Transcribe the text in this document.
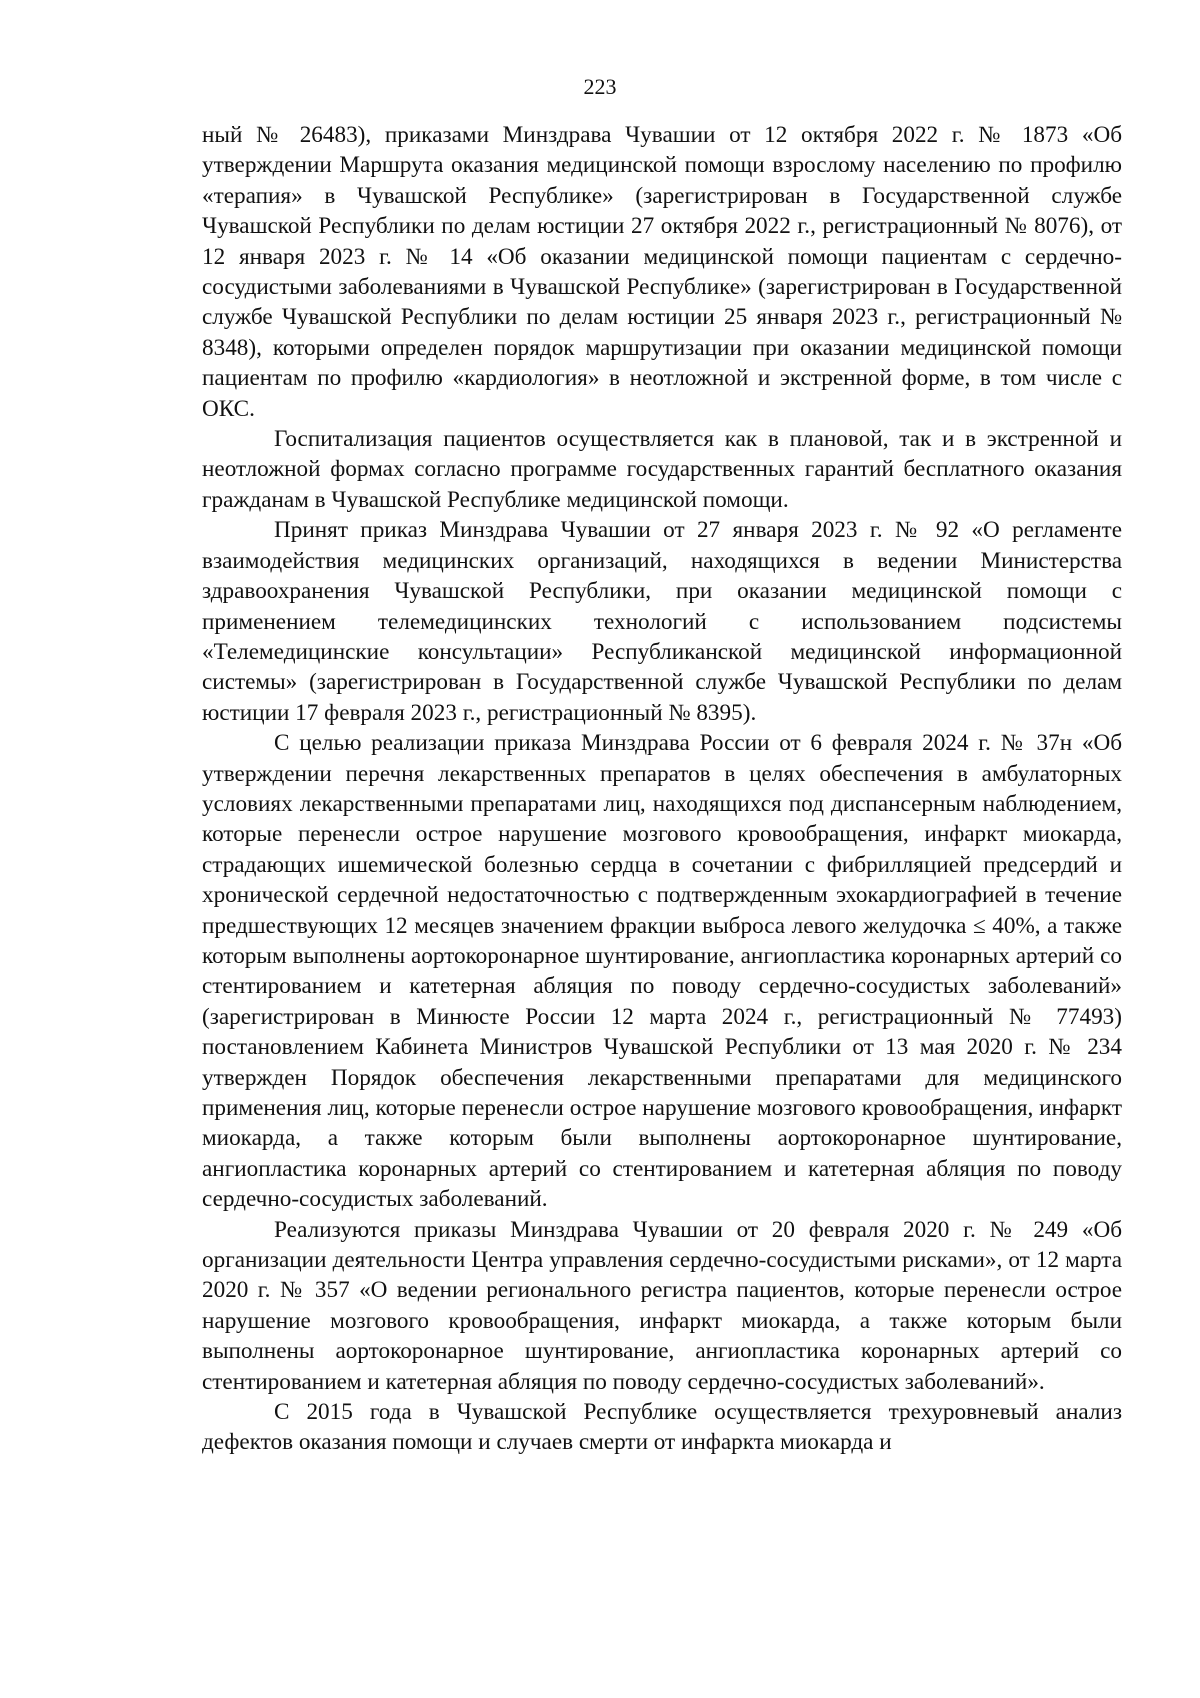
223

ный № 26483), приказами Минздрава Чувашии от 12 октября 2022 г. № 1873 «Об утверждении Маршрута оказания медицинской помощи взрослому населению по профилю «терапия» в Чувашской Республике» (зарегистрирован в Государственной службе Чувашской Республики по делам юстиции 27 октября 2022 г., регистрационный № 8076), от 12 января 2023 г. № 14 «Об оказании медицинской помощи пациентам с сердечно-сосудистыми заболеваниями в Чувашской Республике» (зарегистрирован в Государственной службе Чувашской Республики по делам юстиции 25 января 2023 г., регистрационный № 8348), которыми определен порядок маршрутизации при оказании медицинской помощи пациентам по профилю «кардиология» в неотложной и экстренной форме, в том числе с ОКС.

Госпитализация пациентов осуществляется как в плановой, так и в экстренной и неотложной формах согласно программе государственных гарантий бесплатного оказания гражданам в Чувашской Республике медицинской помощи.

Принят приказ Минздрава Чувашии от 27 января 2023 г. № 92 «О регламенте взаимодействия медицинских организаций, находящихся в ведении Министерства здравоохранения Чувашской Республики, при оказании медицинской помощи с применением телемедицинских технологий с использованием подсистемы «Телемедицинские консультации» Республиканской медицинской информационной системы» (зарегистрирован в Государственной службе Чувашской Республики по делам юстиции 17 февраля 2023 г., регистрационный № 8395).

С целью реализации приказа Минздрава России от 6 февраля 2024 г. № 37н «Об утверждении перечня лекарственных препаратов в целях обеспечения в амбулаторных условиях лекарственными препаратами лиц, находящихся под диспансерным наблюдением, которые перенесли острое нарушение мозгового кровообращения, инфаркт миокарда, страдающих ишемической болезнью сердца в сочетании с фибрилляцией предсердий и хронической сердечной недостаточностью с подтвержденным эхокардиографией в течение предшествующих 12 месяцев значением фракции выброса левого желудочка ≤ 40%, а также которым выполнены аортокоронарное шунтирование, ангиопластика коронарных артерий со стентированием и катетерная абляция по поводу сердечно-сосудистых заболеваний» (зарегистрирован в Минюсте России 12 марта 2024 г., регистрационный № 77493) постановлением Кабинета Министров Чувашской Республики от 13 мая 2020 г. № 234 утвержден Порядок обеспечения лекарственными препаратами для медицинского применения лиц, которые перенесли острое нарушение мозгового кровообращения, инфаркт миокарда, а также которым были выполнены аортокоронарное шунтирование, ангиопластика коронарных артерий со стентированием и катетерная абляция по поводу сердечно-сосудистых заболеваний.

Реализуются приказы Минздрава Чувашии от 20 февраля 2020 г. № 249 «Об организации деятельности Центра управления сердечно-сосудистыми рисками», от 12 марта 2020 г. № 357 «О ведении регионального регистра пациентов, которые перенесли острое нарушение мозгового кровообращения, инфаркт миокарда, а также которым были выполнены аортокоронарное шунтирование, ангиопластика коронарных артерий со стентированием и катетерная абляция по поводу сердечно-сосудистых заболеваний».

С 2015 года в Чувашской Республике осуществляется трехуровневый анализ дефектов оказания помощи и случаев смерти от инфаркта миокарда и
